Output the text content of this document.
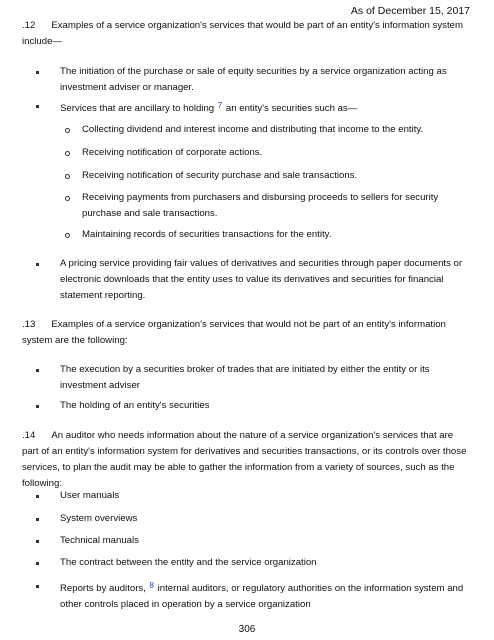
As of December 15, 2017
.12 Examples of a service organization's services that would be part of an entity's information system include—
The initiation of the purchase or sale of equity securities by a service organization acting as investment adviser or manager.
Services that are ancillary to holding $^7$ an entity's securities such as—
Collecting dividend and interest income and distributing that income to the entity.
Receiving notification of corporate actions.
Receiving notification of security purchase and sale transactions.
Receiving payments from purchasers and disbursing proceeds to sellers for security purchase and sale transactions.
Maintaining records of securities transactions for the entity.
A pricing service providing fair values of derivatives and securities through paper documents or electronic downloads that the entity uses to value its derivatives and securities for financial statement reporting.
.13 Examples of a service organization's services that would not be part of an entity's information system are the following:
The execution by a securities broker of trades that are initiated by either the entity or its investment adviser
The holding of an entity's securities
.14 An auditor who needs information about the nature of a service organization's services that are part of an entity's information system for derivatives and securities transactions, or its controls over those services, to plan the audit may be able to gather the information from a variety of sources, such as the following:
User manuals
System overviews
Technical manuals
The contract between the entity and the service organization
Reports by auditors, $^8$ internal auditors, or regulatory authorities on the information system and other controls placed in operation by a service organization
306
